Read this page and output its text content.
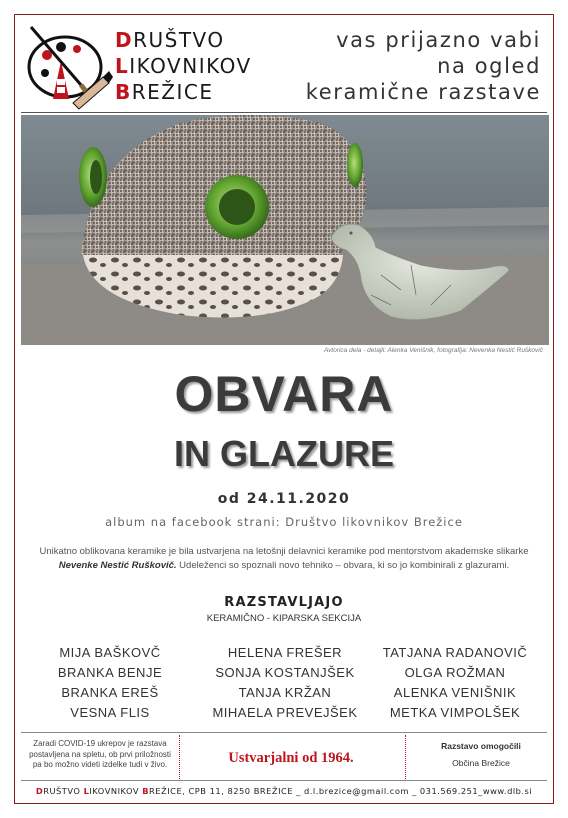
DRUŠTVO
LIKOVNIKOV
BREŽICE
vas prijazno vabi
na ogled
keramične razstave
Avtorica dela - detajli: Alenka Venišnik, fotografija: Nevenka Nestić Ruškovič
OBVARA
IN GLAZURE
od 24.11.2020
album na facebook strani: Društvo likovnikov Brežice
Unikatno oblikovana keramike je bila ustvarjena na letošnji delavnici keramike pod mentorstvom akademske slikarke Nevenke Nestić Ruškovič. Udeleženci so spoznali novo tehniko – obvara, ki so jo kombinirali z glazurami.
RAZSTAVLJAJO
KERAMIČNO - KIPARSKA SEKCIJA
MIJA BAŠKOVČ
BRANKA BENJE
BRANKA EREŠ
VESNA FLIS
HELENA FREŠER
SONJA KOSTANJŠEK
TANJA KRŽAN
MIHAELA PREVEJŠEK
TATJANA RADANOVIČ
OLGA ROŽMAN
ALENKA VENIŠNIK
METKA VIMPOLŠEK
Zaradi COVID-19 ukrepov je razstava postavljena na spletu, ob prvi priložnosti pa bo možno videti izdelke tudi v živo.	Ustvarjalni od 1964.
Razstavo omogočili
Občina Brežice
DRUŠTVO LIKOVNIKOV BREŽICE, CPB 11, 8250 BREŽICE _ d.l.brezice@gmail.com _ 031.569.251_www.dlb.si
